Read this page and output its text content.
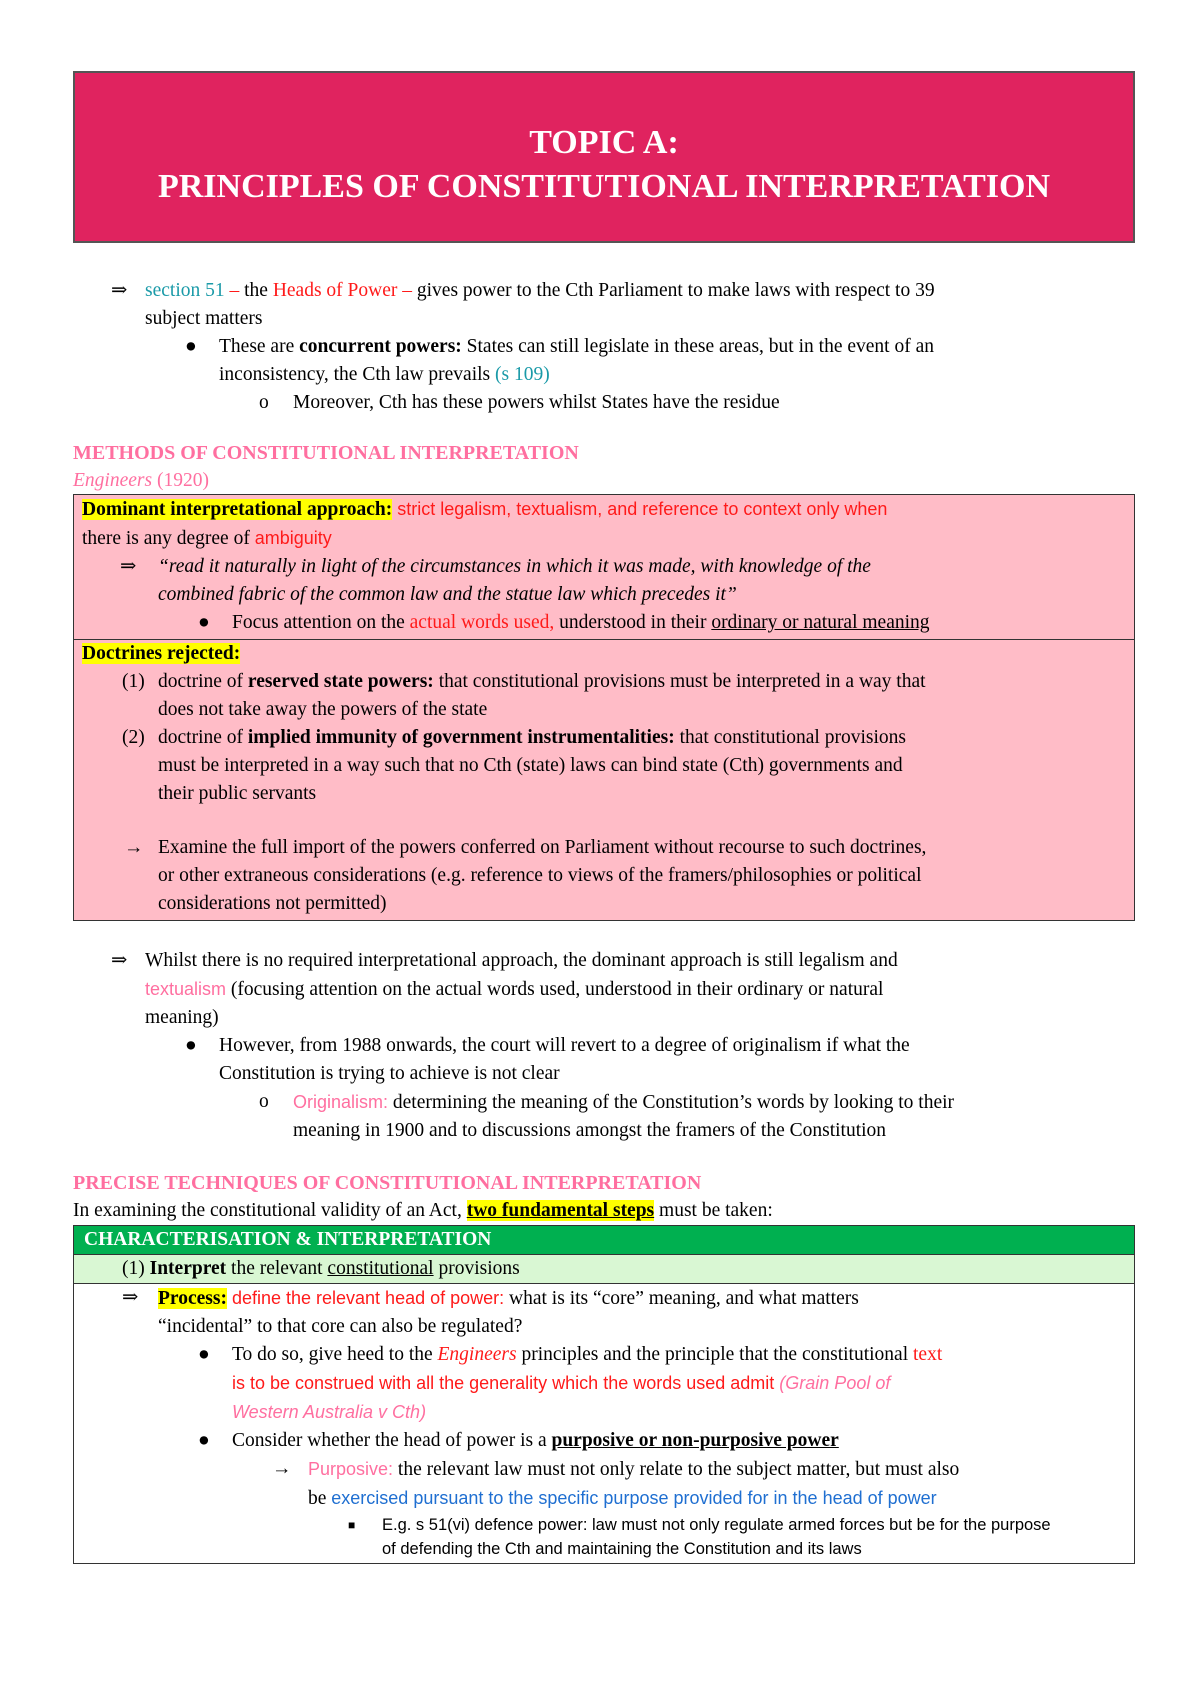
TOPIC A:
PRINCIPLES OF CONSTITUTIONAL INTERPRETATION
⇒ section 51 – the Heads of Power – gives power to the Cth Parliament to make laws with respect to 39
subject matters

● These are concurrent powers: States can still legislate in these areas, but in the event of an
inconsistency, the Cth law prevails (s 109)

o Moreover, Cth has these powers whilst States have the residue

METHODS OF CONSTITUTIONAL INTERPRETATION

Engineers (1920)

Dominant interpretational approach: strict legalism, textualism, and reference to context only when
there is any degree of ambiguity

⇒ “read it naturally in light of the circumstances in which it was made, with knowledge of the
combined fabric of the common law and the statue law which precedes it”

● Focus attention on the actual words used, understood in their ordinary or natural meaning

Doctrines rejected:

(1) doctrine of reserved state powers: that constitutional provisions must be interpreted in a way that
does not take away the powers of the state

(2) doctrine of implied immunity of government instrumentalities: that constitutional provisions
must be interpreted in a way such that no Cth (state) laws can bind state (Cth) governments and
their public servants

→ Examine the full import of the powers conferred on Parliament without recourse to such doctrines,
or other extraneous considerations (e.g. reference to views of the framers/philosophies or political
considerations not permitted)

⇒ Whilst there is no required interpretational approach, the dominant approach is still legalism and
textualism (focusing attention on the actual words used, understood in their ordinary or natural
meaning)

● However, from 1988 onwards, the court will revert to a degree of originalism if what the
Constitution is trying to achieve is not clear

o Originalism: determining the meaning of the Constitution’s words by looking to their
meaning in 1900 and to discussions amongst the framers of the Constitution

PRECISE TECHNIQUES OF CONSTITUTIONAL INTERPRETATION

In examining the constitutional validity of an Act, two fundamental steps must be taken:

CHARACTERISATION & INTERPRETATION
(1) Interpret the relevant constitutional provisions
⇒ Process: define the relevant head of power: what is its “core” meaning, and what matters
“incidental” to that core can also be regulated?

● To do so, give heed to the Engineers principles and the principle that the constitutional text
is to be construed with all the generality which the words used admit (Grain Pool of
Western Australia v Cth)

● Consider whether the head of power is a purposive or non-purposive power

→ Purposive: the relevant law must not only relate to the subject matter, but must also
be exercised pursuant to the specific purpose provided for in the head of power

■ E.g. s 51(vi) defence power: law must not only regulate armed forces but be for the purpose
of defending the Cth and maintaining the Constitution and its laws
